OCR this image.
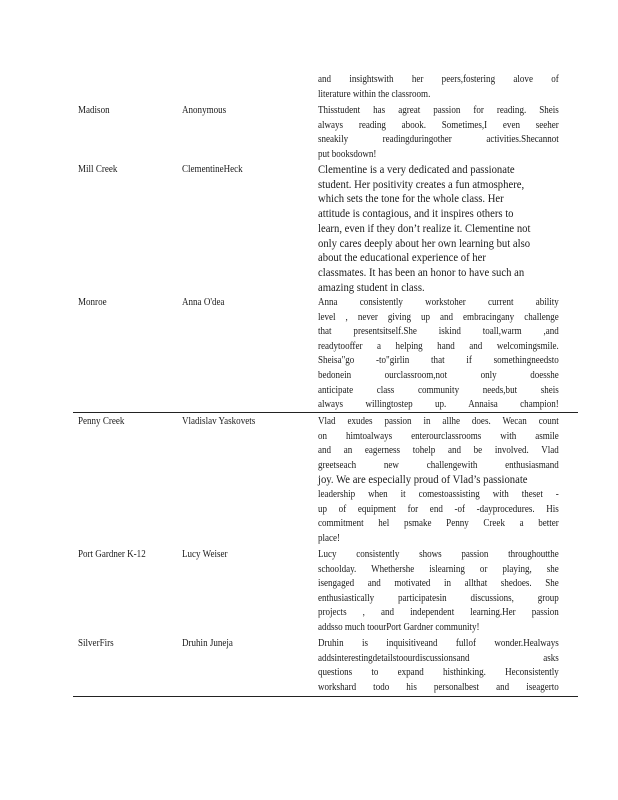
and insightswith her peers,fostering alove of
literature within the classroom.
Madison	Anonymous	Thisstudent has agreat passion for reading. Sheis
always reading abook. Sometimes,I even seeher
sneakily readingduringother activities.Shecannot
put booksdown!
Mill Creek	ClementineHeck	Clementine is a very dedicated and passionate
student. Her positivity creates a fun atmosphere,
which sets the tone for the whole class. Her
attitude is contagious, and it inspires others to
learn, even if they don’t realize it. Clementine not
only cares deeply about her own learning but also
about the educational experience of her
classmates. It has been an honor to have such an
amazing student in class.
Monroe	Anna O'dea	Anna consistently workstoher current ability
level , never giving up and embracingany challenge
that presentsitself.She iskind toall,warm ,and
readytooffer a helping hand and welcomingsmile.
Sheisa"go -to"girlin that if somethingneedsto
bedonein ourclassroom,not only doesshe
anticipate class community needs,but sheis
always willingtostep up. Annaisa champion!
Penny Creek	Vladislav Yaskovets	Vlad exudes passion in allhe does. Wecan count
on himtoalways enterourclassrooms with asmile
and an eagerness tohelp and be involved. Vlad
greetseach new challengewith enthusiasmand
joy. We are especially proud of Vlad’s passionate
leadership when it comestoassisting with theset -
up of equipment for end -of -dayprocedures. His
commitment hel psmake Penny Creek a better
place!
Port Gardner K-12	Lucy Weiser	Lucy consistently shows passion throughoutthe
schoolday. Whethershe islearning or playing, she
isengaged and motivated in allthat shedoes. She
enthusiastically participatesin discussions, group
projects , and independent learning.Her passion
addsso much toourPort Gardner community!
SilverFirs	Druhin Juneja	Druhin is inquisitiveand fullof wonder.Healways
addsinterestingdetailstoourdiscussionsand asks
questions to expand histhinking. Heconsistently
workshard todo his personalbest and iseagerto
